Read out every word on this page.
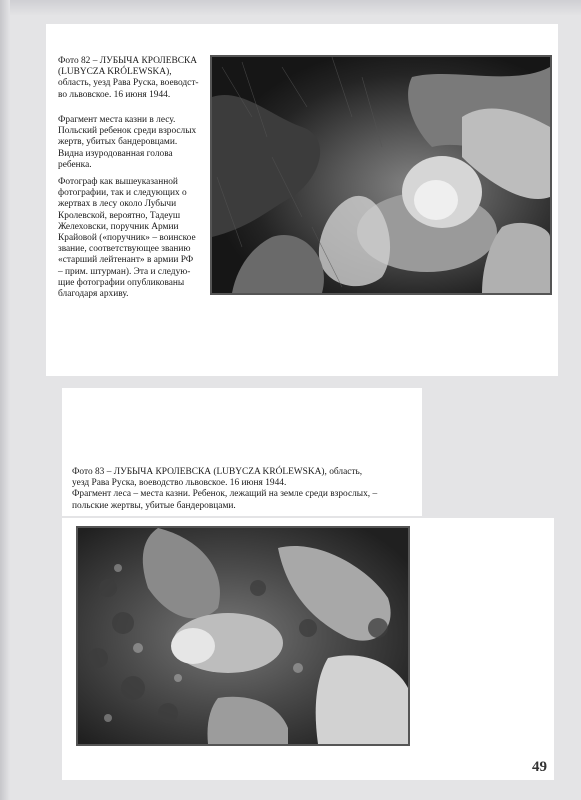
Фото 82 – ЛУБЫЧА КРОЛЕВСКА
(LUBYCZA KRÓLEWSKA),
область, уезд Рава Руска, воеводст-
во львовское. 16 июня 1944.
Фрагмент места казни в лесу.
Польский ребенок среди взрослых
жертв, убитых бандеровцами.
Видна изуродованная голова
ребенка.
Фотограф как вышеуказанной
фотографии, так и следующих о
жертвах в лесу около Лубычи
Кролевской, вероятно, Тадеуш
Желеховски, поручник Армии
Крайовой («поручник» – воинское
звание, соответствующее званию
«старший лейтенант» в армии РФ
– прим. штурман). Эта и следую-
щие фотографии опубликованы
благодаря архиву.
Фото 83 – ЛУБЫЧА КРОЛЕВСКА (LUBYCZA KRÓLEWSKA), область,
уезд Рава Руска, воеводство львовское. 16 июня 1944.
Фрагмент леса – места казни. Ребенок, лежащий на земле среди взрослых, –
польские жертвы, убитые бандеровцами.
49
